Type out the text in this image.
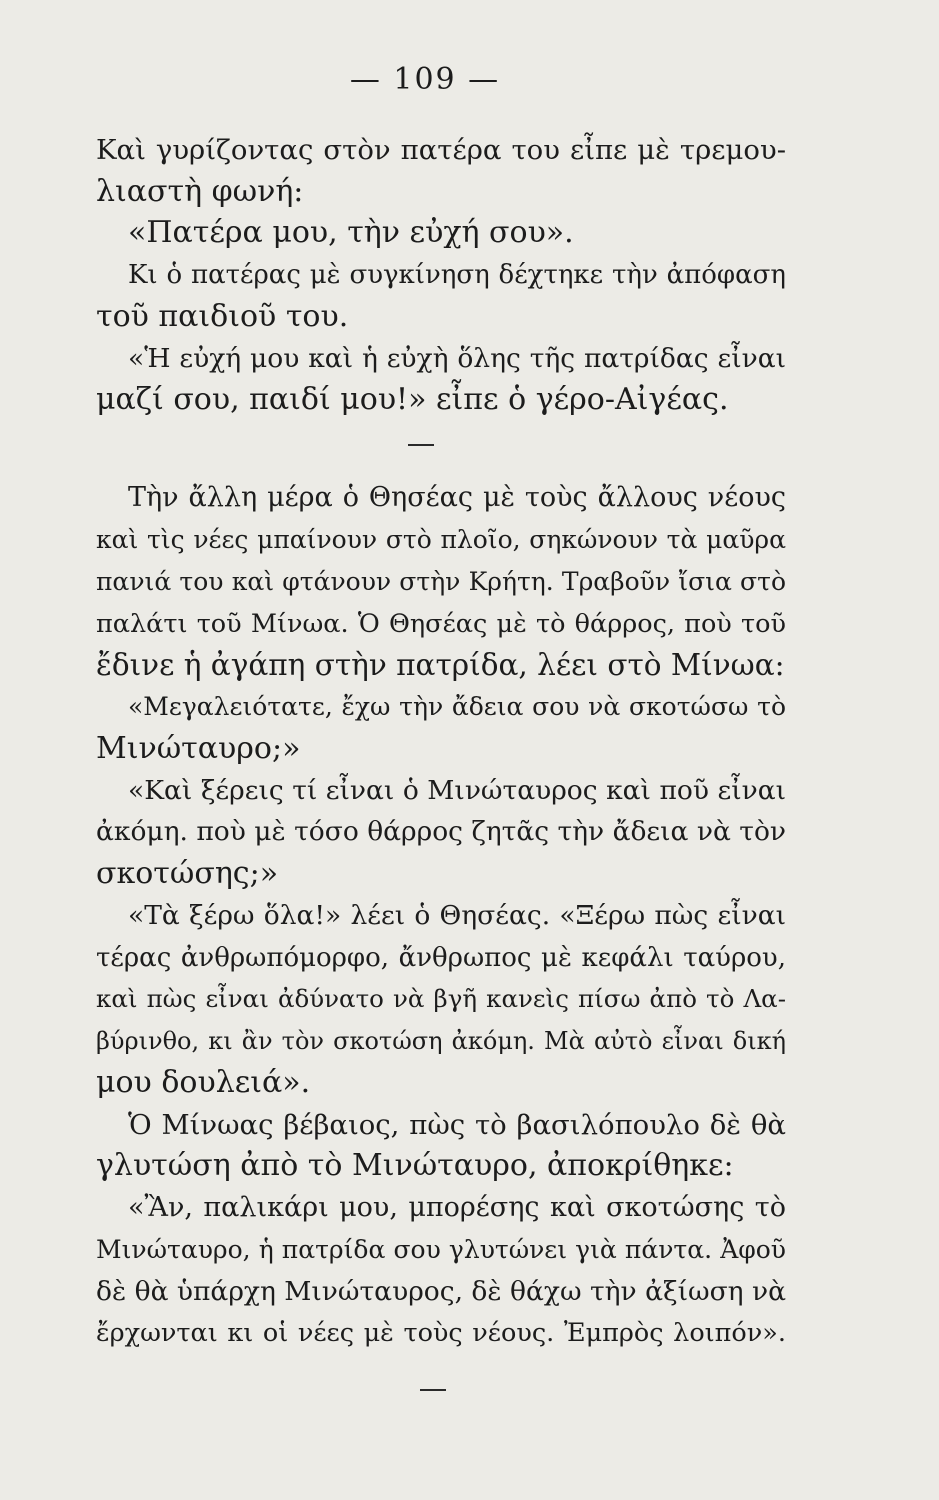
— 109 —
Καὶ γυρίζοντας στὸν πατέρα του εἶπε μὲ τρεμου-
λιαστὴ φωνή:
«Πατέρα μου, τὴν εὐχή σου».
Κι ὁ πατέρας μὲ συγκίνηση δέχτηκε τὴν ἀπόφαση
τοῦ παιδιοῦ του.
«Ἡ εὐχή μου καὶ ἡ εὐχὴ ὅλης τῆς πατρίδας εἶναι
μαζί σου, παιδί μου!» εἶπε ὁ γέρο-Αἰγέας.
Τὴν ἄλλη μέρα ὁ Θησέας μὲ τοὺς ἄλλους νέους
καὶ τὶς νέες μπαίνουν στὸ πλοῖο, σηκώνουν τὰ μαῦρα
πανιά του καὶ φτάνουν στὴν Κρήτη. Τραβοῦν ἴσια στὸ
παλάτι τοῦ Μίνωα. Ὁ Θησέας μὲ τὸ θάρρος, ποὺ τοῦ
ἔδινε ἡ ἀγάπη στὴν πατρίδα, λέει στὸ Μίνωα:
«Μεγαλειότατε, ἔχω τὴν ἄδεια σου νὰ σκοτώσω τὸ
Μινώταυρο;»
«Καὶ ξέρεις τί εἶναι ὁ Μινώταυρος καὶ ποῦ εἶναι
ἀκόμη. ποὺ μὲ τόσο θάρρος ζητᾶς τὴν ἄδεια νὰ τὸν
σκοτώσης;»
«Τὰ ξέρω ὅλα!» λέει ὁ Θησέας. «Ξέρω πὼς εἶναι
τέρας ἀνθρωπόμορφο, ἄνθρωπος μὲ κεφάλι ταύρου,
καὶ πὼς εἶναι ἀδύνατο νὰ βγῆ κανεὶς πίσω ἀπὸ τὸ Λα-
βύρινθο, κι ἂν τὸν σκοτώση ἀκόμη. Μὰ αὐτὸ εἶναι δική
μου δουλειά».
Ὁ Μίνωας βέβαιος, πὼς τὸ βασιλόπουλο δὲ θὰ
γλυτώση ἀπὸ τὸ Μινώταυρο, ἀποκρίθηκε:
«Ἂν, παλικάρι μου, μπορέσης καὶ σκοτώσης τὸ
Μινώταυρο, ἡ πατρίδα σου γλυτώνει γιὰ πάντα. Ἀφοῦ
δὲ θὰ ὑπάρχη Μινώταυρος, δὲ θάχω τὴν ἀξίωση νὰ
ἔρχωνται κι οἱ νέες μὲ τοὺς νέους. Ἐμπρὸς λοιπόν».
